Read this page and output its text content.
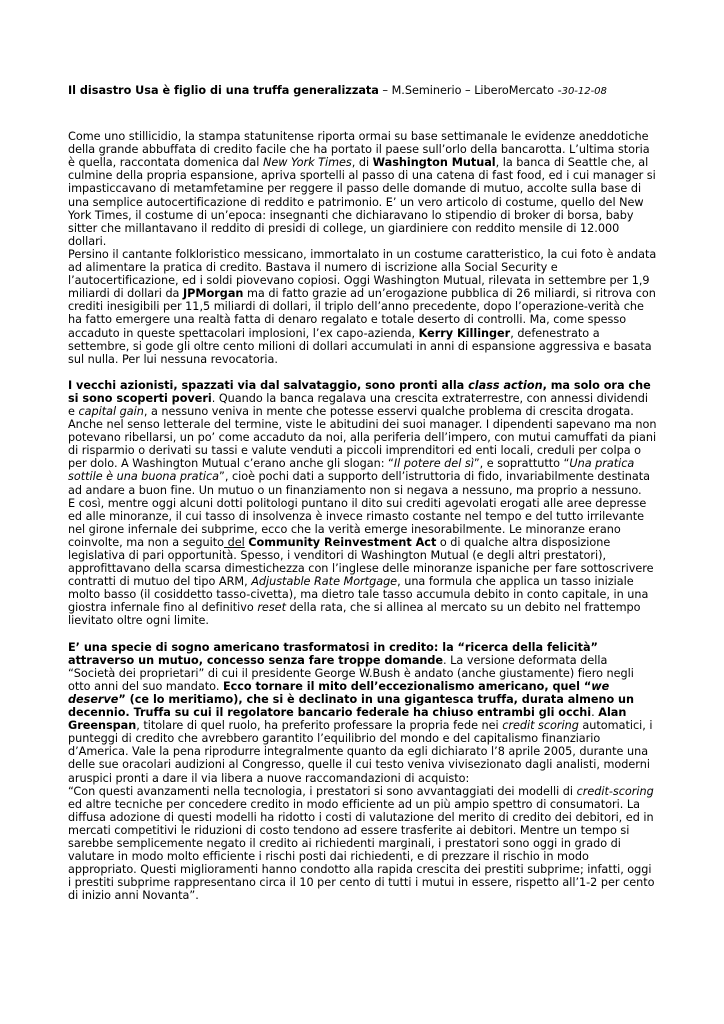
Il disastro Usa è figlio di una truffa generalizzata – M.Seminerio – LiberoMercato -30-12-08

Come uno stillicidio, la stampa statunitense riporta ormai su base settimanale le evidenze aneddotiche della grande abbuffata di credito facile che ha portato il paese sull’orlo della bancarotta. L’ultima storia è quella, raccontata domenica dal New York Times, di Washington Mutual, la banca di Seattle che, al culmine della propria espansione, apriva sportelli al passo di una catena di fast food, ed i cui manager si impasticcavano di metamfetamine per reggere il passo delle domande di mutuo, accolte sulla base di una semplice autocertificazione di reddito e patrimonio. E’ un vero articolo di costume, quello del New York Times, il costume di un’epoca: insegnanti che dichiaravano lo stipendio di broker di borsa, baby sitter che millantavano il reddito di presidi di college, un giardiniere con reddito mensile di 12.000 dollari.

Persino il cantante folkloristico messicano, immortalato in un costume caratteristico, la cui foto è andata ad alimentare la pratica di credito. Bastava il numero di iscrizione alla Social Security e l’autocertificazione, ed i soldi piovevano copiosi. Oggi Washington Mutual, rilevata in settembre per 1,9 miliardi di dollari da JPMorgan ma di fatto grazie ad un’erogazione pubblica di 26 miliardi, si ritrova con crediti inesigibili per 11,5 miliardi di dollari, il triplo dell’anno precedente, dopo l’operazione-verità che ha fatto emergere una realtà fatta di denaro regalato e totale deserto di controlli. Ma, come spesso accaduto in queste spettacolari implosioni, l’ex capo-azienda, Kerry Killinger, defenestrato a settembre, si gode gli oltre cento milioni di dollari accumulati in anni di espansione aggressiva e basata sul nulla. Per lui nessuna revocatoria.

I vecchi azionisti, spazzati via dal salvataggio, sono pronti alla class action, ma solo ora che si sono scoperti poveri. Quando la banca regalava una crescita extraterrestre, con annessi dividendi e capital gain, a nessuno veniva in mente che potesse esservi qualche problema di crescita drogata. Anche nel senso letterale del termine, viste le abitudini dei suoi manager. I dipendenti sapevano ma non potevano ribellarsi, un po’ come accaduto da noi, alla periferia dell’impero, con mutui camuffati da piani di risparmio o derivati su tassi e valute venduti a piccoli imprenditori ed enti locali, creduli per colpa o per dolo. A Washington Mutual c’erano anche gli slogan: “Il potere del sì”, e soprattutto “Una pratica sottile è una buona pratica”, cioè pochi dati a supporto dell’istruttoria di fido, invariabilmente destinata ad andare a buon fine. Un mutuo o un finanziamento non si negava a nessuno, ma proprio a nessuno.

E così, mentre oggi alcuni dotti politologi puntano il dito sui crediti agevolati erogati alle aree depresse ed alle minoranze, il cui tasso di insolvenza è invece rimasto costante nel tempo e del tutto irrilevante nel girone infernale dei subprime, ecco che la verità emerge inesorabilmente. Le minoranze erano coinvolte, ma non a seguito del Community Reinvestment Act o di qualche altra disposizione legislativa di pari opportunità. Spesso, i venditori di Washington Mutual (e degli altri prestatori), approfittavano della scarsa dimestichezza con l’inglese delle minoranze ispaniche per fare sottoscrivere contratti di mutuo del tipo ARM, Adjustable Rate Mortgage, una formula che applica un tasso iniziale molto basso (il cosiddetto tasso-civetta), ma dietro tale tasso accumula debito in conto capitale, in una giostra infernale fino al definitivo reset della rata, che si allinea al mercato su un debito nel frattempo lievitato oltre ogni limite.

E’ una specie di sogno americano trasformatosi in credito: la “ricerca della felicità” attraverso un mutuo, concesso senza fare troppe domande. La versione deformata della “Società dei proprietari” di cui il presidente George W.Bush è andato (anche giustamente) fiero negli otto anni del suo mandato. Ecco tornare il mito dell’eccezionalismo americano, quel “we deserve” (ce lo meritiamo), che si è declinato in una gigantesca truffa, durata almeno un decennio. Truffa su cui il regolatore bancario federale ha chiuso entrambi gli occhi. Alan Greenspan, titolare di quel ruolo, ha preferito professare la propria fede nei credit scoring automatici, i punteggi di credito che avrebbero garantito l’equilibrio del mondo e del capitalismo finanziario d’America. Vale la pena riprodurre integralmente quanto da egli dichiarato l’8 aprile 2005, durante una delle sue oracolari audizioni al Congresso, quelle il cui testo veniva vivisezionato dagli analisti, moderni aruspici pronti a dare il via libera a nuove raccomandazioni di acquisto:

“Con questi avanzamenti nella tecnologia, i prestatori si sono avvantaggiati dei modelli di credit-scoring ed altre tecniche per concedere credito in modo efficiente ad un più ampio spettro di consumatori. La diffusa adozione di questi modelli ha ridotto i costi di valutazione del merito di credito dei debitori, ed in mercati competitivi le riduzioni di costo tendono ad essere trasferite ai debitori. Mentre un tempo si sarebbe semplicemente negato il credito ai richiedenti marginali, i prestatori sono oggi in grado di valutare in modo molto efficiente i rischi posti dai richiedenti, e di prezzare il rischio in modo appropriato. Questi miglioramenti hanno condotto alla rapida crescita dei prestiti subprime; infatti, oggi i prestiti subprime rappresentano circa il 10 per cento di tutti i mutui in essere, rispetto all’1-2 per cento di inizio anni Novanta”.
